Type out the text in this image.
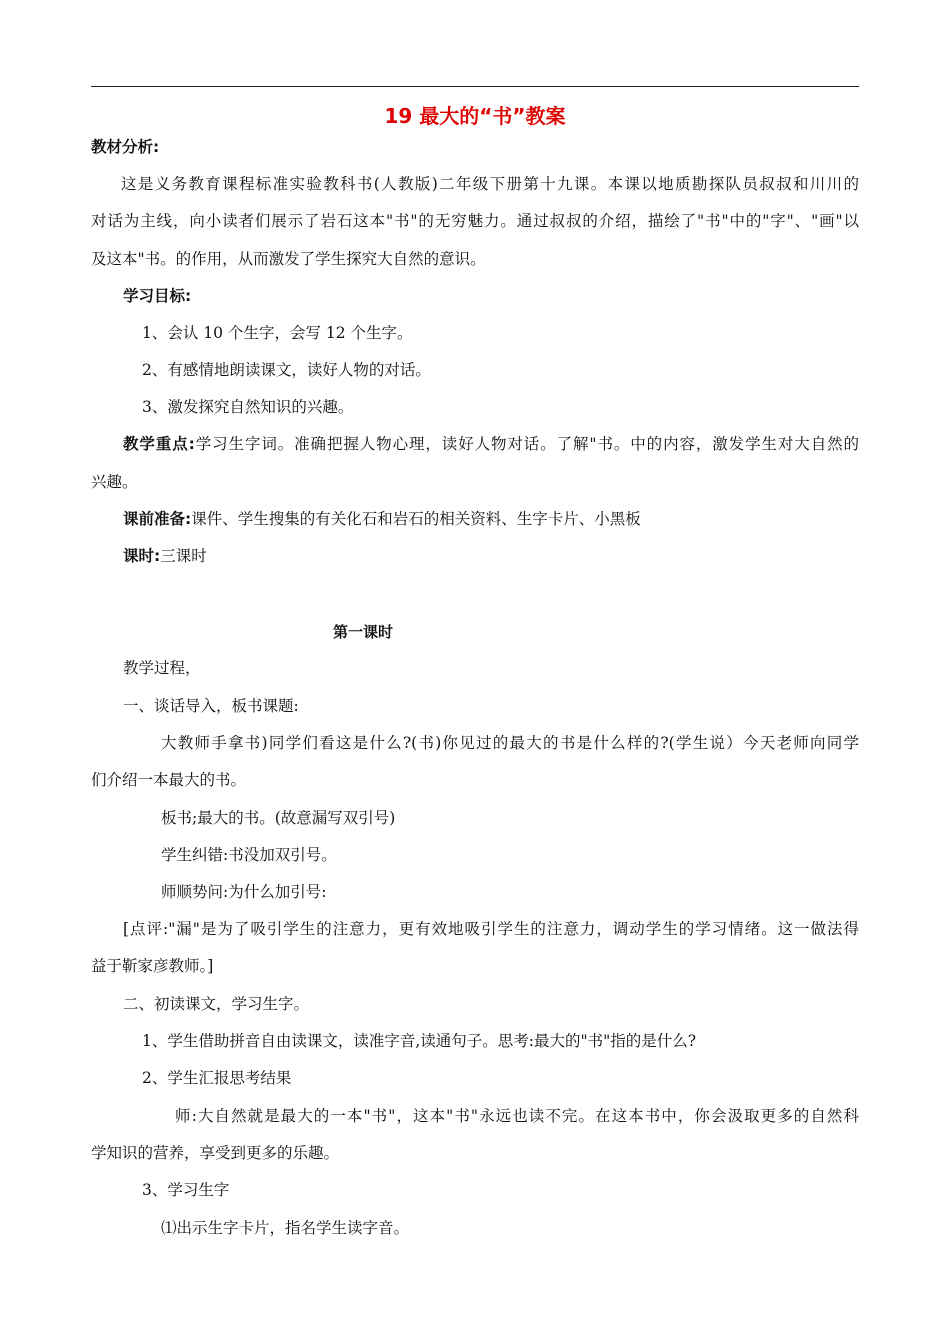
19 最大的“书”教案
教材分析:
这是义务教育课程标准实验教科书(人教版)二年级下册第十九课。本课以地质勘探队员叔叔和川川的
对话为主线，向小读者们展示了岩石这本"书"的无穷魅力。通过叔叔的介绍，描绘了"书"中的"字"、"画"以
及这本"书。的作用，从而激发了学生探究大自然的意识。
学习目标:
1、会认 10 个生字，会写 12 个生字。
2、有感情地朗读课文，读好人物的对话。
3、激发探究自然知识的兴趣。
教学重点:学习生字词。准确把握人物心理，读好人物对话。了解"书。中的内容，激发学生对大自然的
兴趣。
课前准备:课件、学生搜集的有关化石和岩石的相关资料、生字卡片、小黑板
课时:三课时
第一课时
教学过程，
一、谈话导入，板书课题:
大教师手拿书)同学们看这是什么?(书)你见过的最大的书是什么样的?(学生说）今天老师向同学
们介绍一本最大的书。
板书;最大的书。(故意漏写双引号)
学生纠错:书没加双引号。
师顺势问:为什么加引号:
[点评:"漏"是为了吸引学生的注意力，更有效地吸引学生的注意力，调动学生的学习情绪。这一做法得
益于靳家彦教师。]
二、初读课文，学习生字。
1、学生借助拼音自由读课文，读准字音,读通句子。思考:最大的"书"指的是什么?
2、学生汇报思考结果
师:大自然就是最大的一本"书"，这本"书"永远也读不完。在这本书中，你会汲取更多的自然科
学知识的营养，享受到更多的乐趣。
3、学习生字
⑴出示生字卡片，指名学生读字音。
